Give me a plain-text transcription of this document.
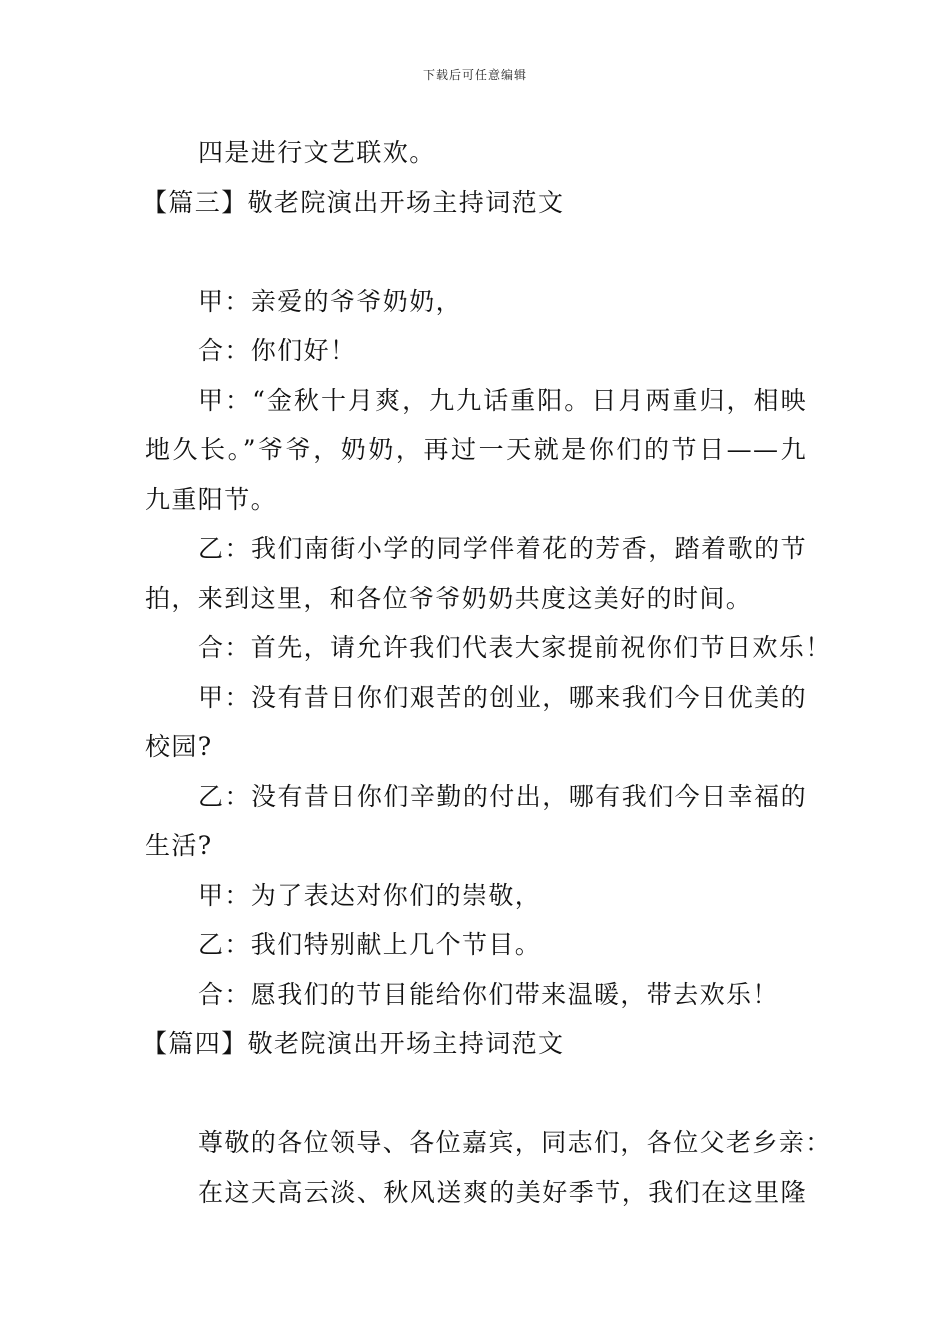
下载后可任意编辑
四是进行文艺联欢。
【篇三】敬老院演出开场主持词范文
甲：亲爱的爷爷奶奶，
合：你们好！
甲：“金秋十月爽，九九话重阳。日月两重归，相映
地久长。”爷爷，奶奶，再过一天就是你们的节日——九
九重阳节。
乙：我们南街小学的同学伴着花的芳香，踏着歌的节
拍，来到这里，和各位爷爷奶奶共度这美好的时间。
合：首先，请允许我们代表大家提前祝你们节日欢乐！
甲：没有昔日你们艰苦的创业，哪来我们今日优美的
校园?
乙：没有昔日你们辛勤的付出，哪有我们今日幸福的
生活?
甲：为了表达对你们的崇敬，
乙：我们特别献上几个节目。
合：愿我们的节目能给你们带来温暖，带去欢乐！
【篇四】敬老院演出开场主持词范文
尊敬的各位领导、各位嘉宾，同志们，各位父老乡亲：
在这天高云淡、秋风送爽的美好季节，我们在这里隆
